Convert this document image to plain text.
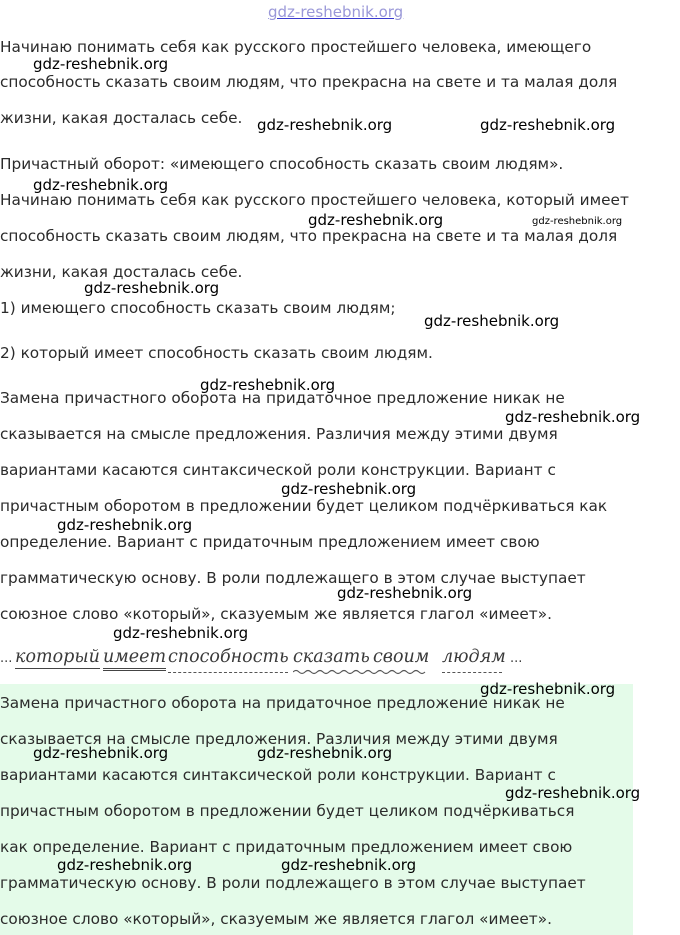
Начинаю понимать себя как русского простейшего человека, имеющего
способность сказать своим людям, что прекрасна на свете и та малая доля
жизни, какая досталась себе.
Причастный оборот: «имеющего способность сказать своим людям».
Начинаю понимать себя как русского простейшего человека, который имеет
способность сказать своим людям, что прекрасна на свете и та малая доля
жизни, какая досталась себе.
1) имеющего способность сказать своим людям;
2) который имеет способность сказать своим людям.
Замена причастного оборота на придаточное предложение никак не
сказывается на смысле предложения. Различия между этими двумя
вариантами касаются синтаксической роли конструкции. Вариант с
причастным оборотом в предложении будет целиком подчёркиваться как
определение. Вариант с придаточным предложением имеет свою
грамматическую основу. В роли подлежащего в этом случае выступает
союзное слово «который», сказуемым же является глагол «имеет».
... который имеет способность сказать своим людям ...
Замена причастного оборота на придаточное предложение никак не
сказывается на смысле предложения. Различия между этими двумя
вариантами касаются синтаксической роли конструкции. Вариант с
причастным оборотом в предложении будет целиком подчёркиваться
как определение. Вариант с придаточным предложением имеет свою
грамматическую основу. В роли подлежащего в этом случае выступает
союзное слово «который», сказуемым же является глагол «имеет».
gdz-reshebnik.org
gdz-reshebnik.org
gdz-reshebnik.org	gdz-reshebnik.org
gdz-reshebnik.org
gdz-reshebnik.org	gdz-reshebnik.org
gdz-reshebnik.org
gdz-reshebnik.org
gdz-reshebnik.org
gdz-reshebnik.org
gdz-reshebnik.org
gdz-reshebnik.org
gdz-reshebnik.org
gdz-reshebnik.org
gdz-reshebnik.org
gdz-reshebnik.org	gdz-reshebnik.org
gdz-reshebnik.org
gdz-reshebnik.org	gdz-reshebnik.org
